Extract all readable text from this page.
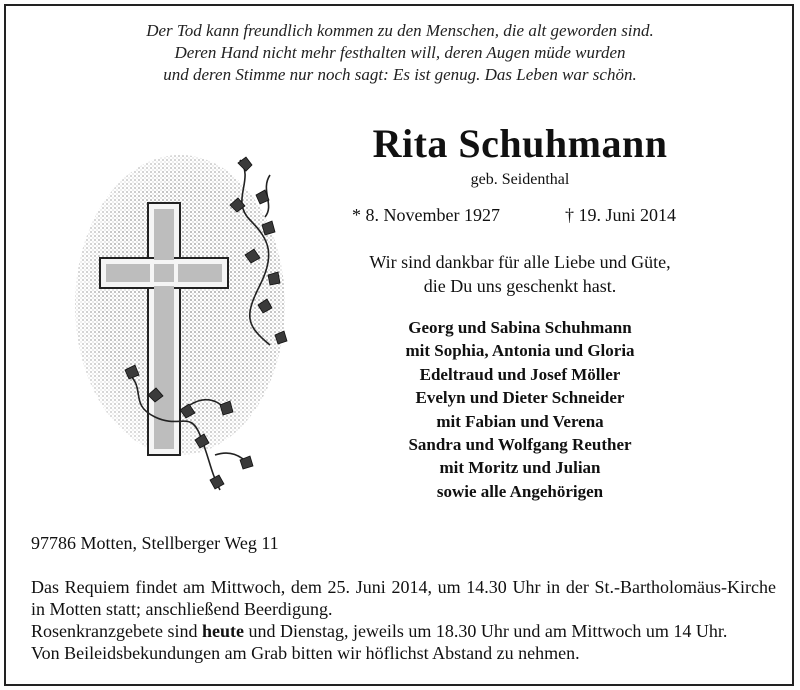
Der Tod kann freundlich kommen zu den Menschen, die alt geworden sind.
Deren Hand nicht mehr festhalten will, deren Augen müde wurden
und deren Stimme nur noch sagt: Es ist genug. Das Leben war schön.
Rita Schuhmann
geb. Seidenthal
* 8. November 1927	† 19. Juni 2014
Wir sind dankbar für alle Liebe und Güte,
die Du uns geschenkt hast.
Georg und Sabina Schuhmann
mit Sophia, Antonia und Gloria
Edeltraud und Josef Möller
Evelyn und Dieter Schneider
mit Fabian und Verena
Sandra und Wolfgang Reuther
mit Moritz und Julian
sowie alle Angehörigen
97786 Motten, Stellberger Weg 11

Das Requiem findet am Mittwoch, dem 25. Juni 2014, um 14.30 Uhr in der St.-Bartholomäus-Kirche in Motten statt; anschließend Beerdigung.

Rosenkranzgebete sind heute und Dienstag, jeweils um 18.30 Uhr und am Mittwoch um 14 Uhr.

Von Beileidsbekundungen am Grab bitten wir höflichst Abstand zu nehmen.
